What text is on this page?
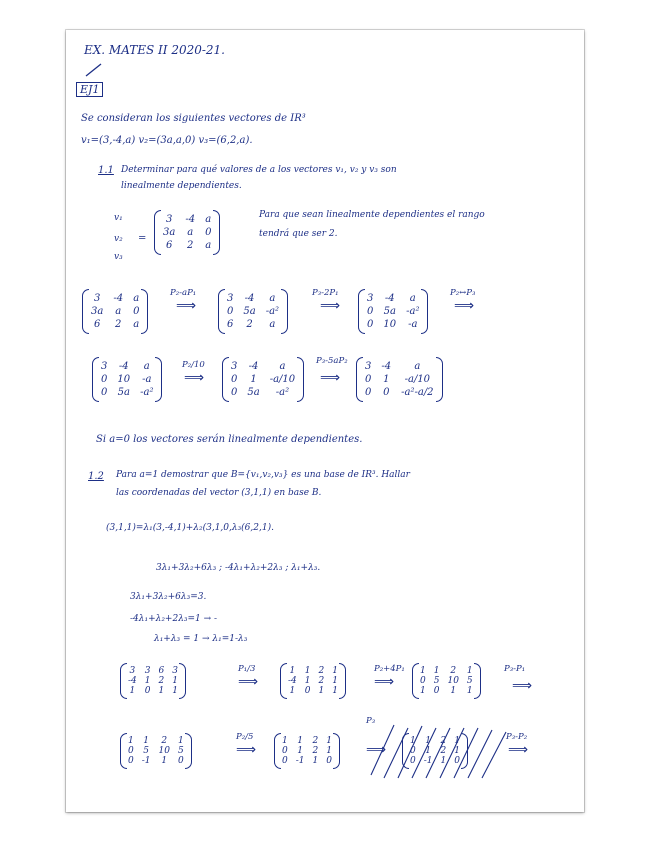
EX. MATES II 2020-21.
EJ1
Se consideran los siguientes vectores de IR³
v₁=(3,-4,a) v₂=(3a,a,0) v₃=(6,2,a).
1.1 Determinar para qué valores de a los vectores v₁, v₂ y v₃ son
linealmente dependientes.
v₁
v₂
v₃
=
3	-4	a
3a	a	0
6	2	a
Para que sean linealmente dependientes el rango
tendrá que ser 2.
3	-4	a
3a	a	0
6	2	a
P₂-aP₁
⟹	3	-4	a
0	5a	-a²
6	2	a
P₃-2P₁
⟹	3	-4	a
0	5a	-a²
0	10	-a
P₂↔P₃
⟹
3	-4	a
0	10	-a
0	5a	-a²
P₂/10
⟹
3	-4	a
0	1	-a/10
0	5a	-a²
P₃-5aP₂
⟹
3	-4	a
0	1	-a/10
0	0	-a²-a/2
Si a=0 los vectores serán linealmente dependientes.
1.2 Para a=1 demostrar que B={v₁,v₂,v₃} es una base de IR³. Hallar
las coordenadas del vector (3,1,1) en base B.
(3,1,1)=λ₁(3,-4,1)+λ₂(3,1,0,λ₃(6,2,1).
3λ₁+3λ₂+6λ₃ ; -4λ₁+λ₂+2λ₃ ; λ₁+λ₃.
3λ₁+3λ₂+6λ₃=3.
-4λ₁+λ₂+2λ₃=1 → -
λ₁+λ₃ = 1 → λ₁=1-λ₃
3	3	6	3
-4	1	2	1
1	0	1	1
P₁/3
⟹
1	1	2	1
-4	1	2	1
1	0	1	1
P₂+4P₁
⟹
1	1	2	1
0	5	10	5
1	0	1	1
P₃-P₁
⟹
1	1	2	1
0	5	10	5
0	-1	1	0
P₂/5
⟹
1	1	2	1
0	1	2	1
0	-1	1	0
P₃
⟹
1	1	2	1
0	1	2	1
0	-1	1	0
P₃-P₂
⟹
